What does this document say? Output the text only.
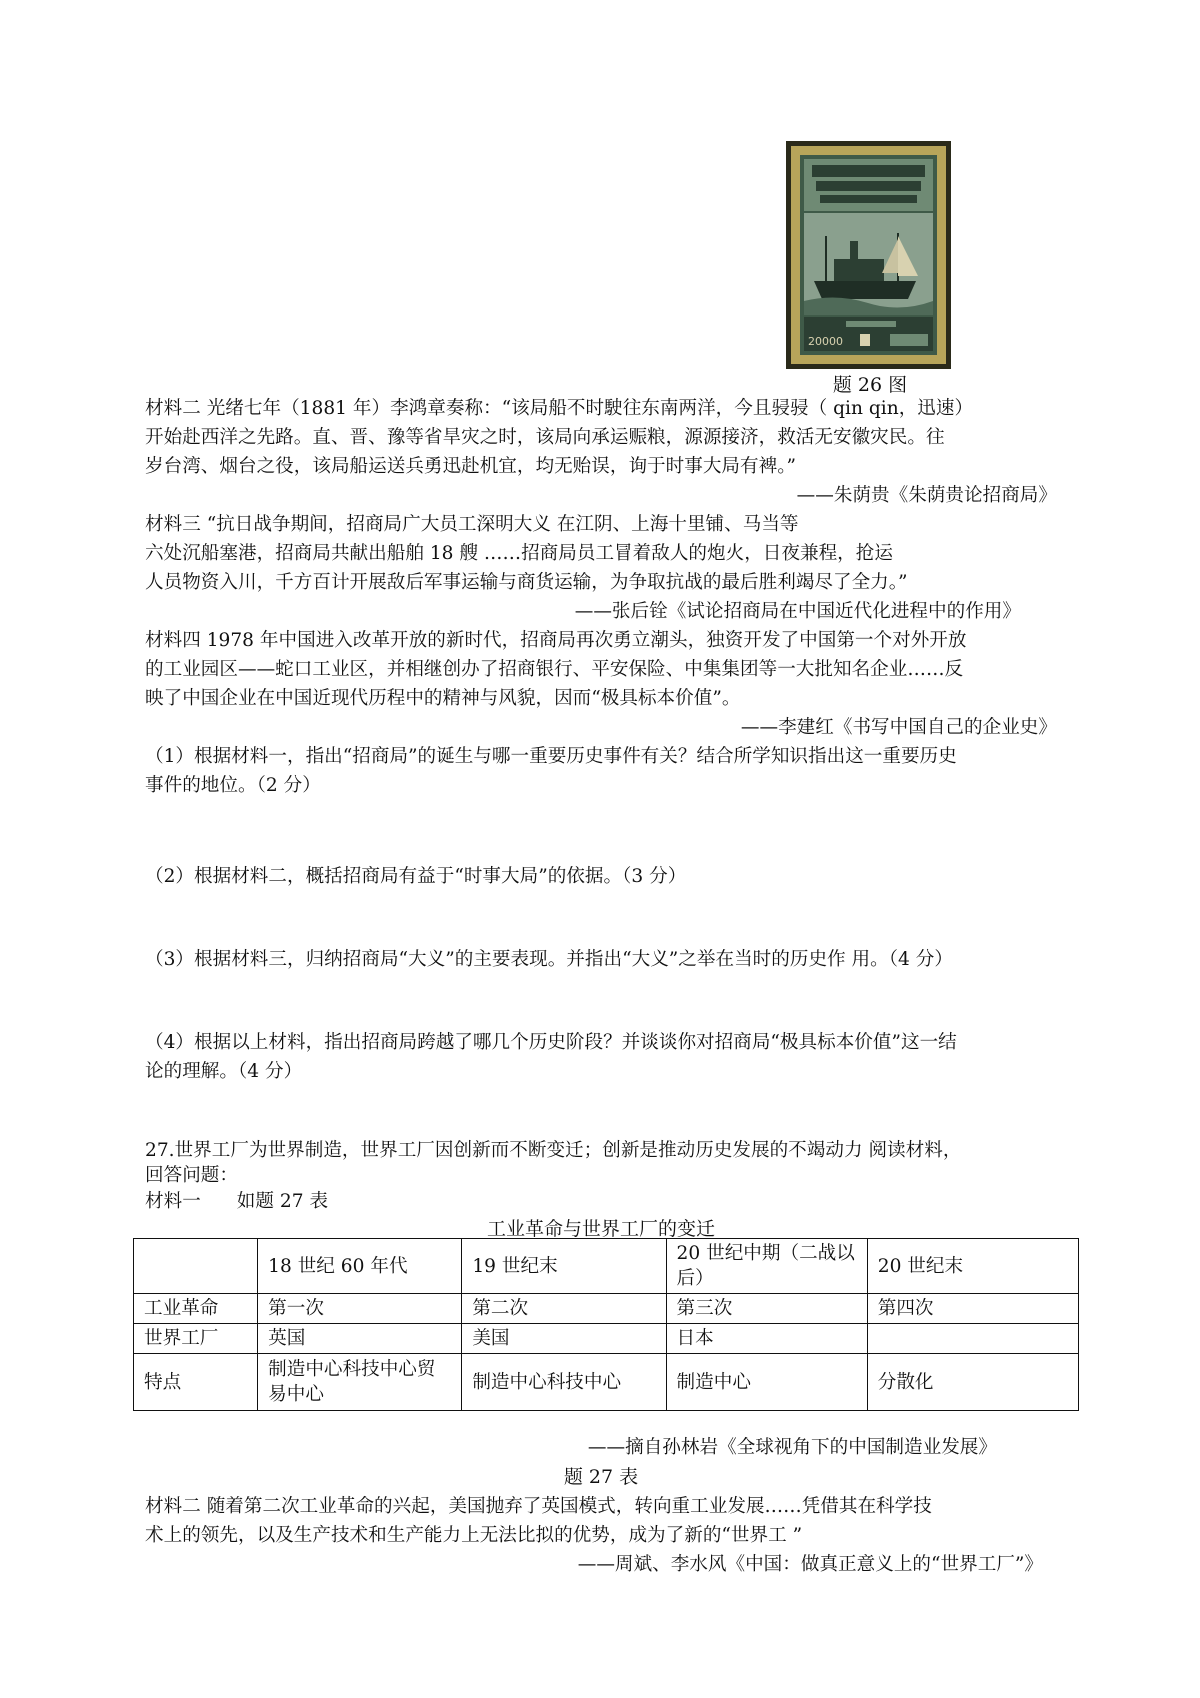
20000
题 26 图

材料二 光绪七年（1881 年）李鸿章奏称：“该局船不时駛往东南两洋，今且骎骎（ qin qin，迅速）

开始赴西洋之先路。直、晋、豫等省旱灾之时，该局向承运赈粮，源源接济，救活无安徽灾民。往

岁台湾、烟台之役，该局船运送兵勇迅赴机宜，均无贻误，询于时事大局有裨。”

——朱荫贵《朱荫贵论招商局》

材料三 “抗日战争期间，招商局广大员工深明大义 在江阴、上海十里铺、马当等

六处沉船塞港，招商局共献出船舶 18 艘 ……招商局员工冒着敌人的炮火，日夜兼程，抢运

人员物资入川，千方百计开展敌后军事运输与商货运输，为争取抗战的最后胜利竭尽了全力。”

——张后铨《试论招商局在中国近代化进程中的作用》

材料四 1978 年中国进入改革开放的新时代，招商局再次勇立潮头，独资开发了中国第一个对外开放

的工业园区——蛇口工业区，并相继创办了招商银行、平安保险、中集集团等一大批知名企业……反

映了中国企业在中国近现代历程中的精神与风貌，因而“极具标本价值”。

——李建红《书写中国自己的企业史》

（1）根据材料一，指出“招商局”的诞生与哪一重要历史事件有关？结合所学知识指出这一重要历史

事件的地位。（2 分）

（2）根据材料二，概括招商局有益于“时事大局”的依据。（3 分）

（3）根据材料三，归纳招商局“大义”的主要表现。并指出“大义”之举在当时的历史作 用。（4 分）

（4）根据以上材料，指出招商局跨越了哪几个历史阶段？并谈谈你对招商局“极具标本价值”这一结

论的理解。（4 分）

27.世界工厂为世界制造，世界工厂因创新而不断变迁；创新是推动历史发展的不竭动力 阅读材料，

回答问题：

材料一 如题 27 表

工业革命与世界工厂的变迁
	18 世纪 60 年代	19 世纪末	20 世纪中期（二战以后）	20 世纪末
工业革命	第一次	第二次	第三次	第四次
世界工厂	英国	美国	日本	
特点	制造中心科技中心贸易中心	制造中心科技中心	制造中心	分散化
——摘自孙林岩《全球视角下的中国制造业发展》
题 27 表

材料二 随着第二次工业革命的兴起，美国抛弃了英国模式，转向重工业发展……凭借其在科学技

术上的领先，以及生产技术和生产能力上无法比拟的优势，成为了新的“世界工 ”

——周斌、李水风《中国：做真正意义上的“世界工厂”》
